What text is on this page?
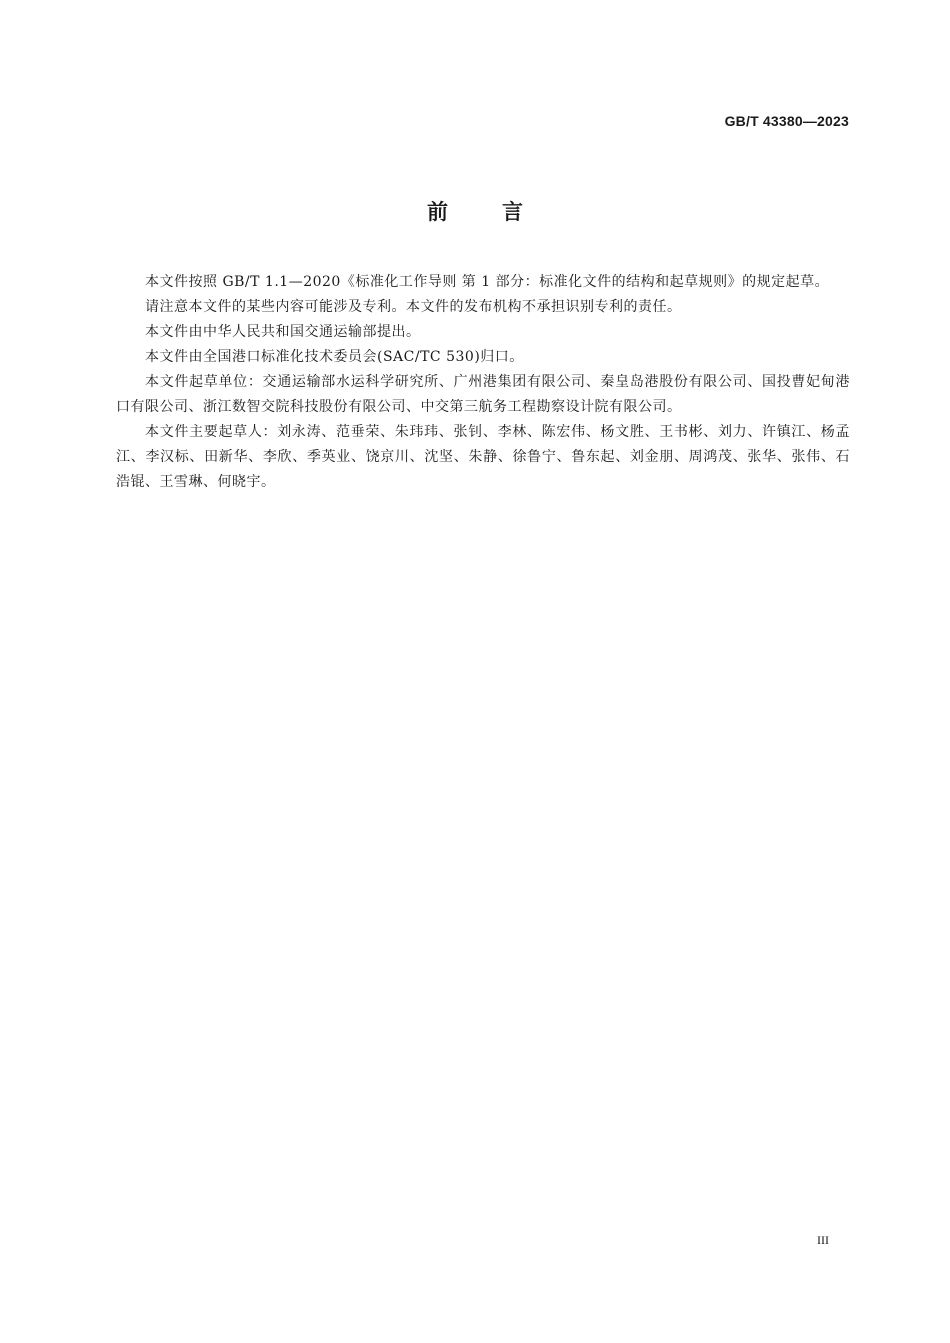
GB/T 43380—2023
前言

本文件按照 GB/T 1.1—2020《标准化工作导则 第 1 部分：标准化文件的结构和起草规则》的规定起草。

请注意本文件的某些内容可能涉及专利。本文件的发布机构不承担识别专利的责任。

本文件由中华人民共和国交通运输部提出。

本文件由全国港口标准化技术委员会(SAC/TC 530)归口。

本文件起草单位：交通运输部水运科学研究所、广州港集团有限公司、秦皇岛港股份有限公司、国投曹妃甸港口有限公司、浙江数智交院科技股份有限公司、中交第三航务工程勘察设计院有限公司。

本文件主要起草人：刘永涛、范垂荣、朱玮玮、张钊、李林、陈宏伟、杨文胜、王书彬、刘力、许镇江、杨孟江、李汉标、田新华、李欣、季英业、饶京川、沈坚、朱静、徐鲁宁、鲁东起、刘金朋、周鸿茂、张华、张伟、石浩锟、王雪琳、何晓宇。

III
